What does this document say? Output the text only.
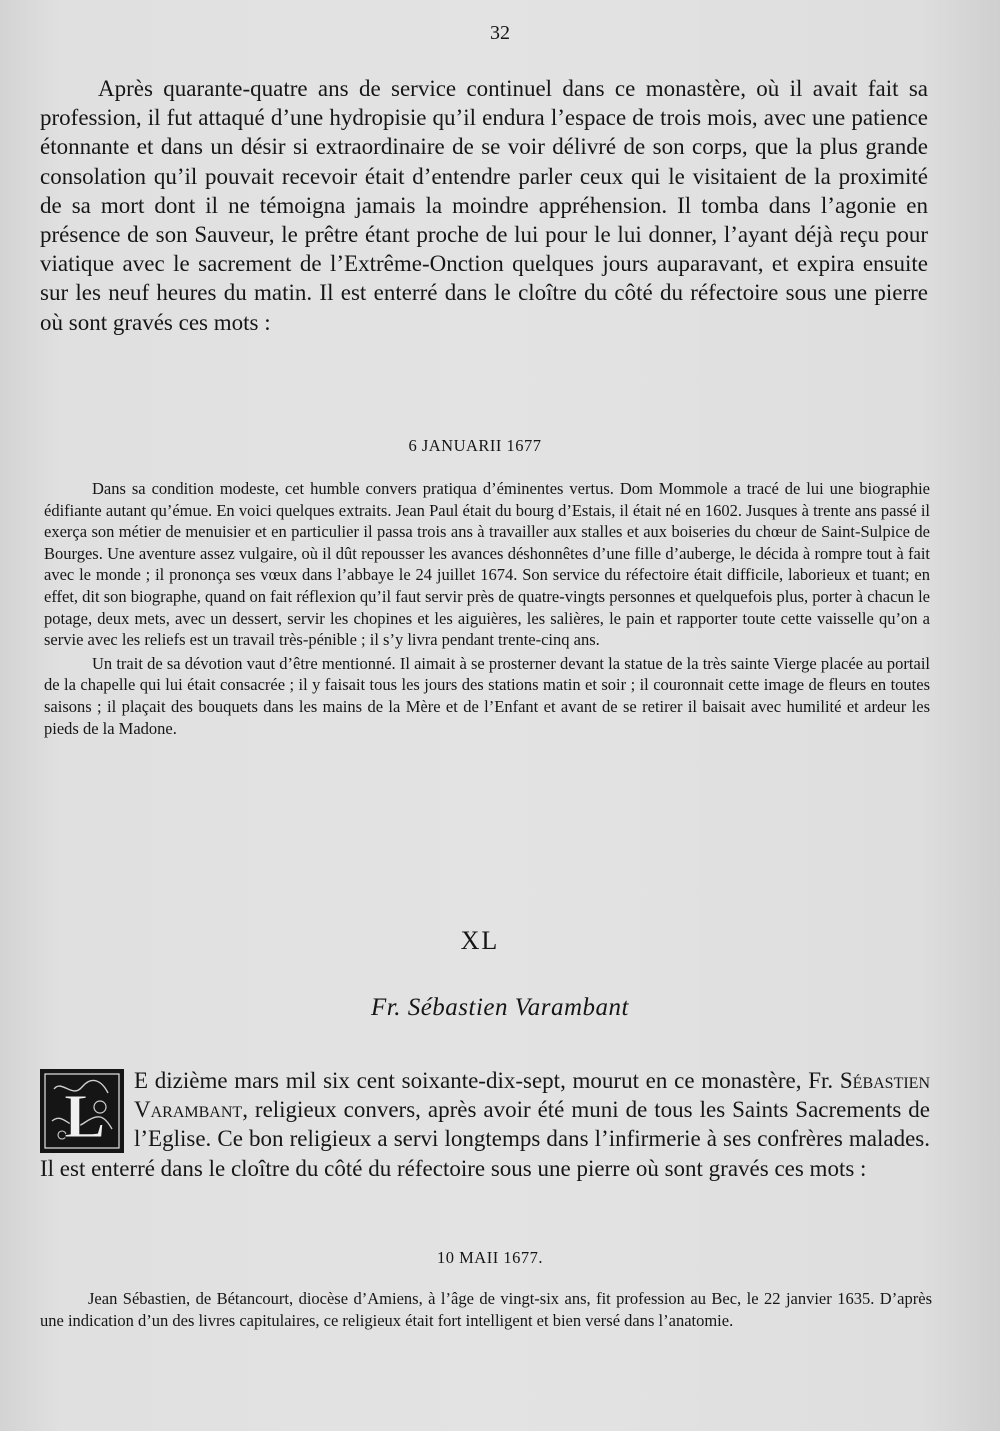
32

Après quarante-quatre ans de service continuel dans ce monastère, où il avait fait sa profession, il fut attaqué d’une hydropisie qu’il endura l’espace de trois mois, avec une patience étonnante et dans un désir si extraordinaire de se voir délivré de son corps, que la plus grande consolation qu’il pouvait recevoir était d’entendre parler ceux qui le visitaient de la proximité de sa mort dont il ne témoigna jamais la moindre appréhension. Il tomba dans l’agonie en présence de son Sauveur, le prêtre étant proche de lui pour le lui donner, l’ayant déjà reçu pour viatique avec le sacrement de l’Extrême-Onction quelques jours auparavant, et expira ensuite sur les neuf heures du matin. Il est enterré dans le cloître du côté du réfectoire sous une pierre où sont gravés ces mots :

6 JANUARII 1677

Dans sa condition modeste, cet humble convers pratiqua d’éminentes vertus. Dom Mommole a tracé de lui une biographie édifiante autant qu’émue. En voici quelques extraits. Jean Paul était du bourg d’Estais, il était né en 1602. Jusques à trente ans passé il exerça son métier de menuisier et en particulier il passa trois ans à travailler aux stalles et aux boiseries du chœur de Saint-Sulpice de Bourges. Une aventure assez vulgaire, où il dût repousser les avances déshonnêtes d’une fille d’auberge, le décida à rompre tout à fait avec le monde ; il prononça ses vœux dans l’abbaye le 24 juillet 1674. Son service du réfectoire était difficile, laborieux et tuant; en effet, dit son biographe, quand on fait réflexion qu’il faut servir près de quatre-vingts personnes et quelquefois plus, porter à chacun le potage, deux mets, avec un dessert, servir les chopines et les aiguières, les salières, le pain et rapporter toute cette vaisselle qu’on a servie avec les reliefs est un travail très-pénible ; il s’y livra pendant trente-cinq ans.

Un trait de sa dévotion vaut d’être mentionné. Il aimait à se prosterner devant la statue de la très sainte Vierge placée au portail de la chapelle qui lui était consacrée ; il y faisait tous les jours des stations matin et soir ; il couronnait cette image de fleurs en toutes saisons ; il plaçait des bouquets dans les mains de la Mère et de l’Enfant et avant de se retirer il baisait avec humilité et ardeur les pieds de la Madone.

XL
Fr. Sébastien Varambant
L
E dizième mars mil six cent soixante-dix-sept, mourut en ce monastère, Fr. Sébastien Varambant, religieux convers, après avoir été muni de tous les Saints Sacrements de l’Eglise. Ce bon religieux a servi longtemps dans l’infirmerie à ses confrères malades. Il est enterré dans le cloître du côté du réfectoire sous une pierre où sont gravés ces mots :
10 MAII 1677.

Jean Sébastien, de Bétancourt, diocèse d’Amiens, à l’âge de vingt-six ans, fit profession au Bec, le 22 janvier 1635. D’après une indication d’un des livres capitulaires, ce religieux était fort intelligent et bien versé dans l’anatomie.
